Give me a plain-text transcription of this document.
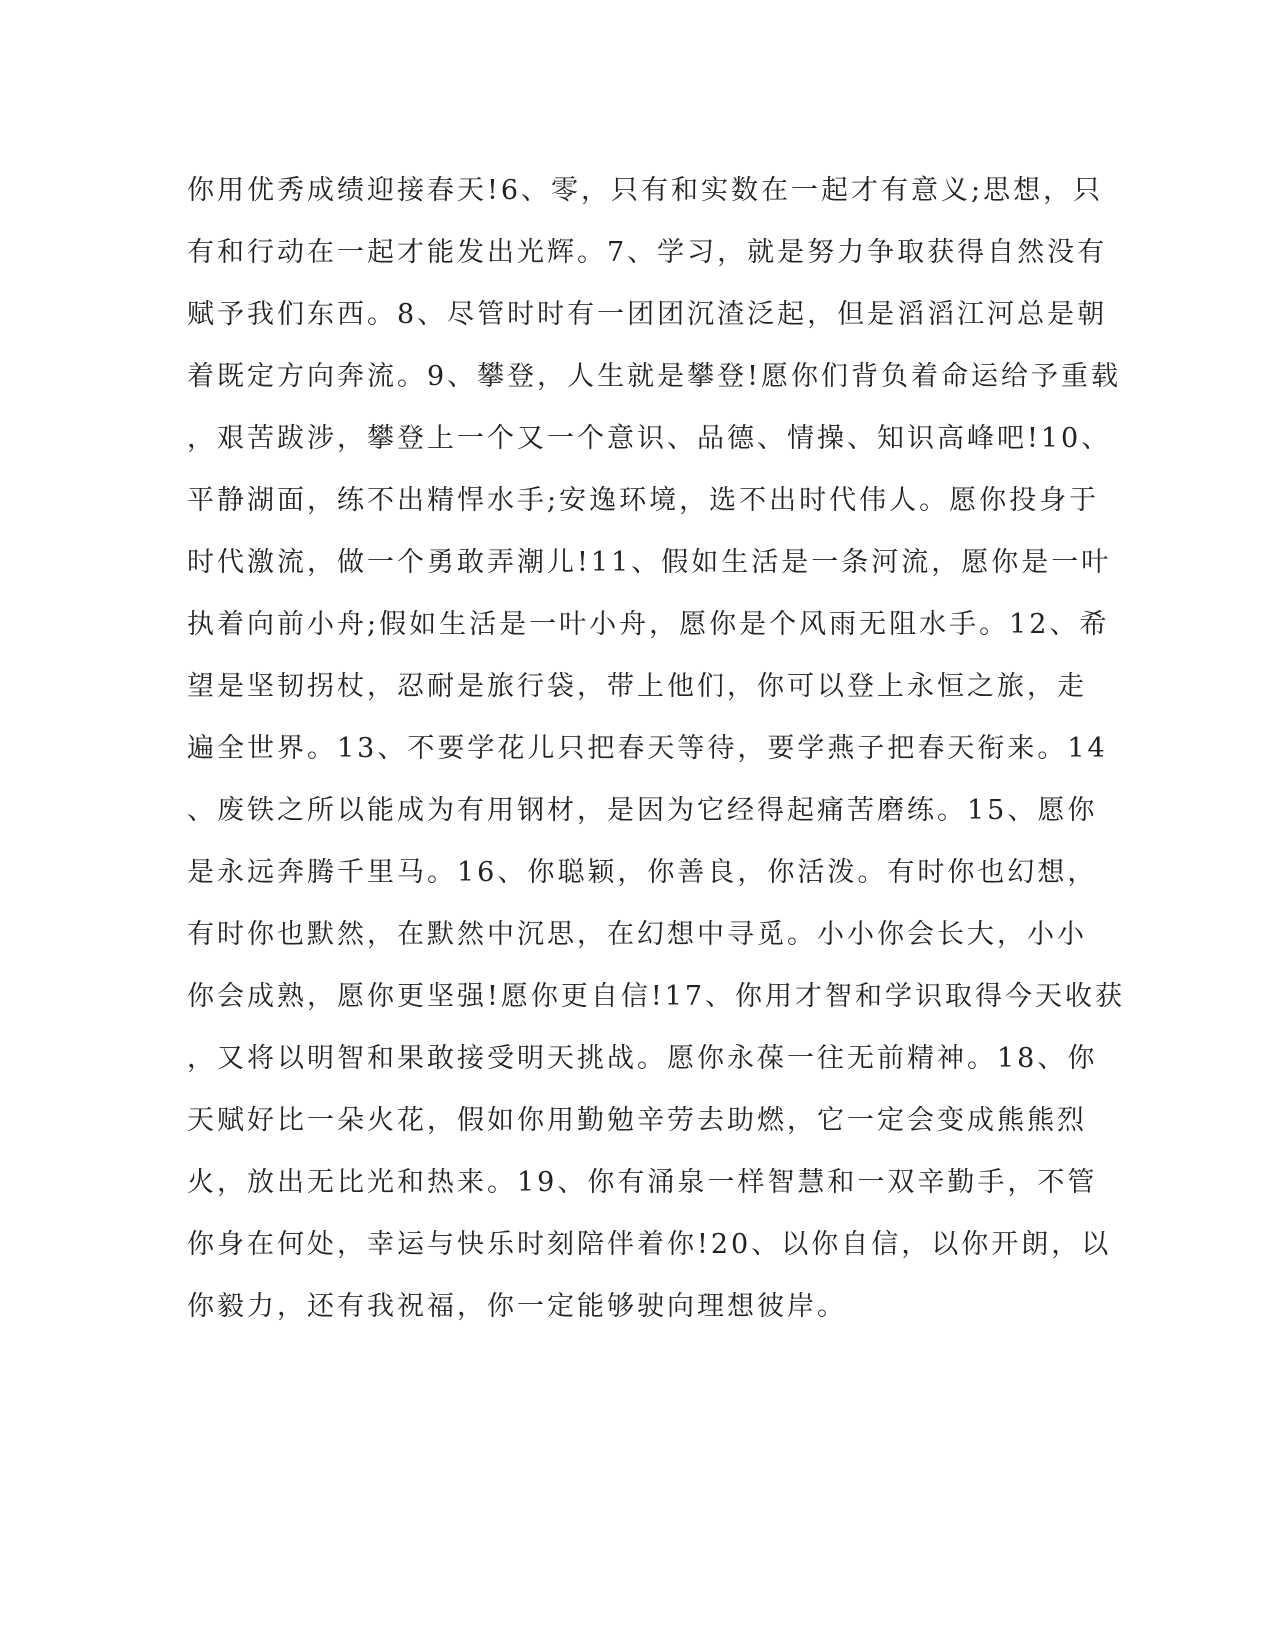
你用优秀成绩迎接春天!6、零，只有和实数在一起才有意义;思想，只
有和行动在一起才能发出光辉。7、学习，就是努力争取获得自然没有
赋予我们东西。8、尽管时时有一团团沉渣泛起，但是滔滔江河总是朝
着既定方向奔流。9、攀登，人生就是攀登!愿你们背负着命运给予重载
，艰苦跋涉，攀登上一个又一个意识、品德、情操、知识高峰吧!10、
平静湖面，练不出精悍水手;安逸环境，选不出时代伟人。愿你投身于
时代激流，做一个勇敢弄潮儿!11、假如生活是一条河流，愿你是一叶
执着向前小舟;假如生活是一叶小舟，愿你是个风雨无阻水手。12、希
望是坚韧拐杖，忍耐是旅行袋，带上他们，你可以登上永恒之旅，走
遍全世界。13、不要学花儿只把春天等待，要学燕子把春天衔来。14
、废铁之所以能成为有用钢材，是因为它经得起痛苦磨练。15、愿你
是永远奔腾千里马。16、你聪颖，你善良，你活泼。有时你也幻想，
有时你也默然，在默然中沉思，在幻想中寻觅。小小你会长大，小小
你会成熟，愿你更坚强!愿你更自信!17、你用才智和学识取得今天收获
，又将以明智和果敢接受明天挑战。愿你永葆一往无前精神。18、你
天赋好比一朵火花，假如你用勤勉辛劳去助燃，它一定会变成熊熊烈
火，放出无比光和热来。19、你有涌泉一样智慧和一双辛勤手，不管
你身在何处，幸运与快乐时刻陪伴着你!20、以你自信，以你开朗，以
你毅力，还有我祝福，你一定能够驶向理想彼岸。
